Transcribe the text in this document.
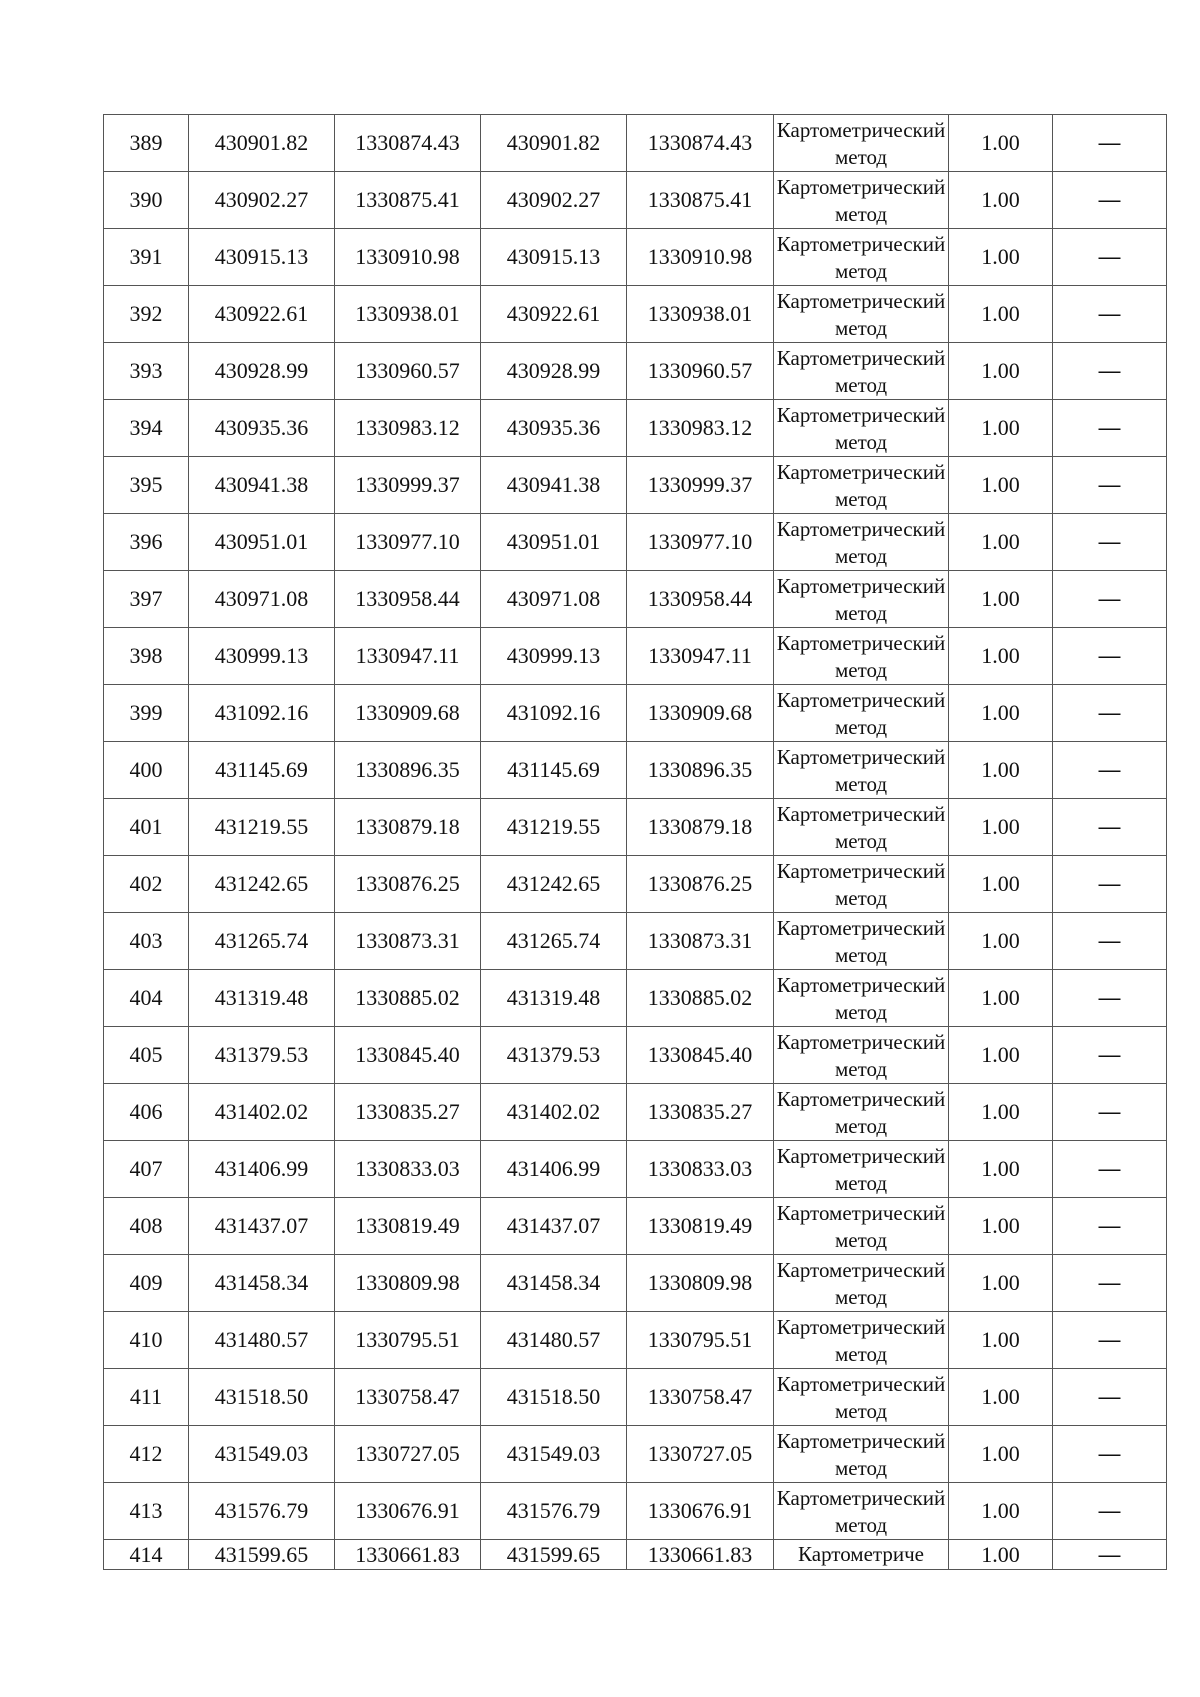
389	430901.82	1330874.43	430901.82	1330874.43	Картометрический метод	1.00	—
390	430902.27	1330875.41	430902.27	1330875.41	Картометрический метод	1.00	—
391	430915.13	1330910.98	430915.13	1330910.98	Картометрический метод	1.00	—
392	430922.61	1330938.01	430922.61	1330938.01	Картометрический метод	1.00	—
393	430928.99	1330960.57	430928.99	1330960.57	Картометрический метод	1.00	—
394	430935.36	1330983.12	430935.36	1330983.12	Картометрический метод	1.00	—
395	430941.38	1330999.37	430941.38	1330999.37	Картометрический метод	1.00	—
396	430951.01	1330977.10	430951.01	1330977.10	Картометрический метод	1.00	—
397	430971.08	1330958.44	430971.08	1330958.44	Картометрический метод	1.00	—
398	430999.13	1330947.11	430999.13	1330947.11	Картометрический метод	1.00	—
399	431092.16	1330909.68	431092.16	1330909.68	Картометрический метод	1.00	—
400	431145.69	1330896.35	431145.69	1330896.35	Картометрический метод	1.00	—
401	431219.55	1330879.18	431219.55	1330879.18	Картометрический метод	1.00	—
402	431242.65	1330876.25	431242.65	1330876.25	Картометрический метод	1.00	—
403	431265.74	1330873.31	431265.74	1330873.31	Картометрический метод	1.00	—
404	431319.48	1330885.02	431319.48	1330885.02	Картометрический метод	1.00	—
405	431379.53	1330845.40	431379.53	1330845.40	Картометрический метод	1.00	—
406	431402.02	1330835.27	431402.02	1330835.27	Картометрический метод	1.00	—
407	431406.99	1330833.03	431406.99	1330833.03	Картометрический метод	1.00	—
408	431437.07	1330819.49	431437.07	1330819.49	Картометрический метод	1.00	—
409	431458.34	1330809.98	431458.34	1330809.98	Картометрический метод	1.00	—
410	431480.57	1330795.51	431480.57	1330795.51	Картометрический метод	1.00	—
411	431518.50	1330758.47	431518.50	1330758.47	Картометрический метод	1.00	—
412	431549.03	1330727.05	431549.03	1330727.05	Картометрический метод	1.00	—
413	431576.79	1330676.91	431576.79	1330676.91	Картометрический метод	1.00	—
414	431599.65	1330661.83	431599.65	1330661.83	Картометриче	1.00	—
